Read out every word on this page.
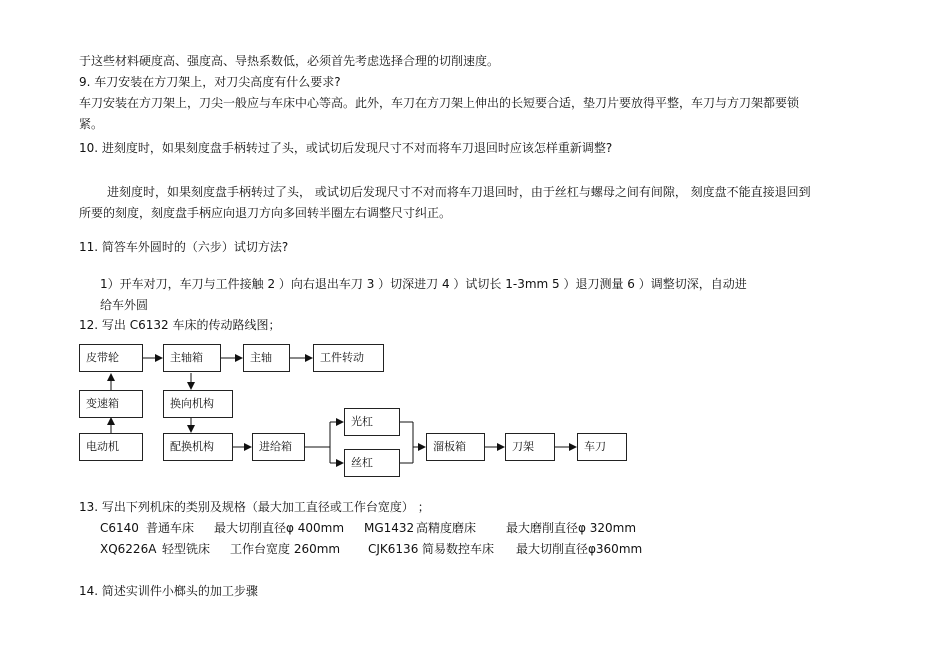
于这些材料硬度高、强度高、导热系数低，必须首先考虑选择合理的切削速度。
9. 车刀安装在方刀架上，对刀尖高度有什么要求?
车刀安装在方刀架上，刀尖一般应与车床中心等高。此外，车刀在方刀架上伸出的长短要合适，垫刀片要放得平整，车刀与方刀架都要锁
紧。
10. 进刻度时，如果刻度盘手柄转过了头，或试切后发现尺寸不对而将车刀退回时应该怎样重新调整?
进刻度时，如果刻度盘手柄转过了头， 或试切后发现尺寸不对而将车刀退回时，由于丝杠与螺母之间有间隙， 刻度盘不能直接退回到
所要的刻度，刻度盘手柄应向退刀方向多回转半圈左右调整尺寸纠正。
11. 简答车外圆时的（六步）试切方法?
1）开车对刀，车刀与工件接触 2 ）向右退出车刀 3 ）切深进刀 4 ）试切长 1-3mm 5 ）退刀测量 6 ）调整切深，自动进
给车外圆
12. 写出 C6132 车床的传动路线图；
皮带轮	主轴箱	主轴	工件转动
变速箱	换向机构
电动机	配换机构	进给箱
光杠
丝杠
溜板箱	刀架	车刀
13. 写出下列机床的类别及规格（最大加工直径或工作台宽度） ；
C6140 普通车床 最大切削直径φ 400mm MG1432 高精度磨床 最大磨削直径φ 320mm
XQ6226A 轻型铣床 工作台宽度 260mm CJK6136 简易数控车床 最大切削直径φ360mm
14. 简述实训件小榔头的加工步骤
